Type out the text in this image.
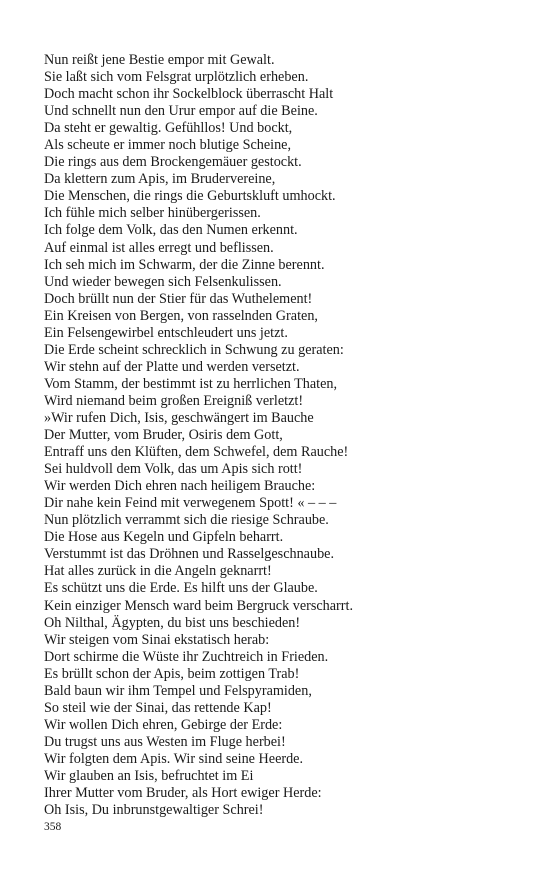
Nun reißt jene Bestie empor mit Gewalt.
Sie laßt sich vom Felsgrat urplötzlich erheben.
Doch macht schon ihr Sockelblock überrascht Halt
Und schnellt nun den Urur empor auf die Beine.
Da steht er gewaltig. Gefühllos! Und bockt,
Als scheute er immer noch blutige Scheine,
Die rings aus dem Brockengemäuer gestockt.
Da klettern zum Apis, im Brudervereine,
Die Menschen, die rings die Geburtskluft umhockt.
Ich fühle mich selber hinübergerissen.
Ich folge dem Volk, das den Numen erkennt.
Auf einmal ist alles erregt und beflissen.
Ich seh mich im Schwarm, der die Zinne berennt.
Und wieder bewegen sich Felsenkulissen.
Doch brüllt nun der Stier für das Wuthelement!
Ein Kreisen von Bergen, von rasselnden Graten,
Ein Felsengewirbel entschleudert uns jetzt.
Die Erde scheint schrecklich in Schwung zu geraten:
Wir stehn auf der Platte und werden versetzt.
Vom Stamm, der bestimmt ist zu herrlichen Thaten,
Wird niemand beim großen Ereigniß verletzt!
»Wir rufen Dich, Isis, geschwängert im Bauche
Der Mutter, vom Bruder, Osiris dem Gott,
Entraff uns den Klüften, dem Schwefel, dem Rauche!
Sei huldvoll dem Volk, das um Apis sich rott!
Wir werden Dich ehren nach heiligem Brauche:
Dir nahe kein Feind mit verwegenem Spott! « – – –
Nun plötzlich verrammt sich die riesige Schraube.
Die Hose aus Kegeln und Gipfeln beharrt.
Verstummt ist das Dröhnen und Rasselgeschnaube.
Hat alles zurück in die Angeln geknarrt!
Es schützt uns die Erde. Es hilft uns der Glaube.
Kein einziger Mensch ward beim Bergruck verscharrt.
Oh Nilthal, Ägypten, du bist uns beschieden!
Wir steigen vom Sinai ekstatisch herab:
Dort schirme die Wüste ihr Zuchtreich in Frieden.
Es brüllt schon der Apis, beim zottigen Trab!
Bald baun wir ihm Tempel und Felspyramiden,
So steil wie der Sinai, das rettende Kap!
Wir wollen Dich ehren, Gebirge der Erde:
Du trugst uns aus Westen im Fluge herbei!
Wir folgten dem Apis. Wir sind seine Heerde.
Wir glauben an Isis, befruchtet im Ei
Ihrer Mutter vom Bruder, als Hort ewiger Herde:
Oh Isis, Du inbrunstgewaltiger Schrei!
358
